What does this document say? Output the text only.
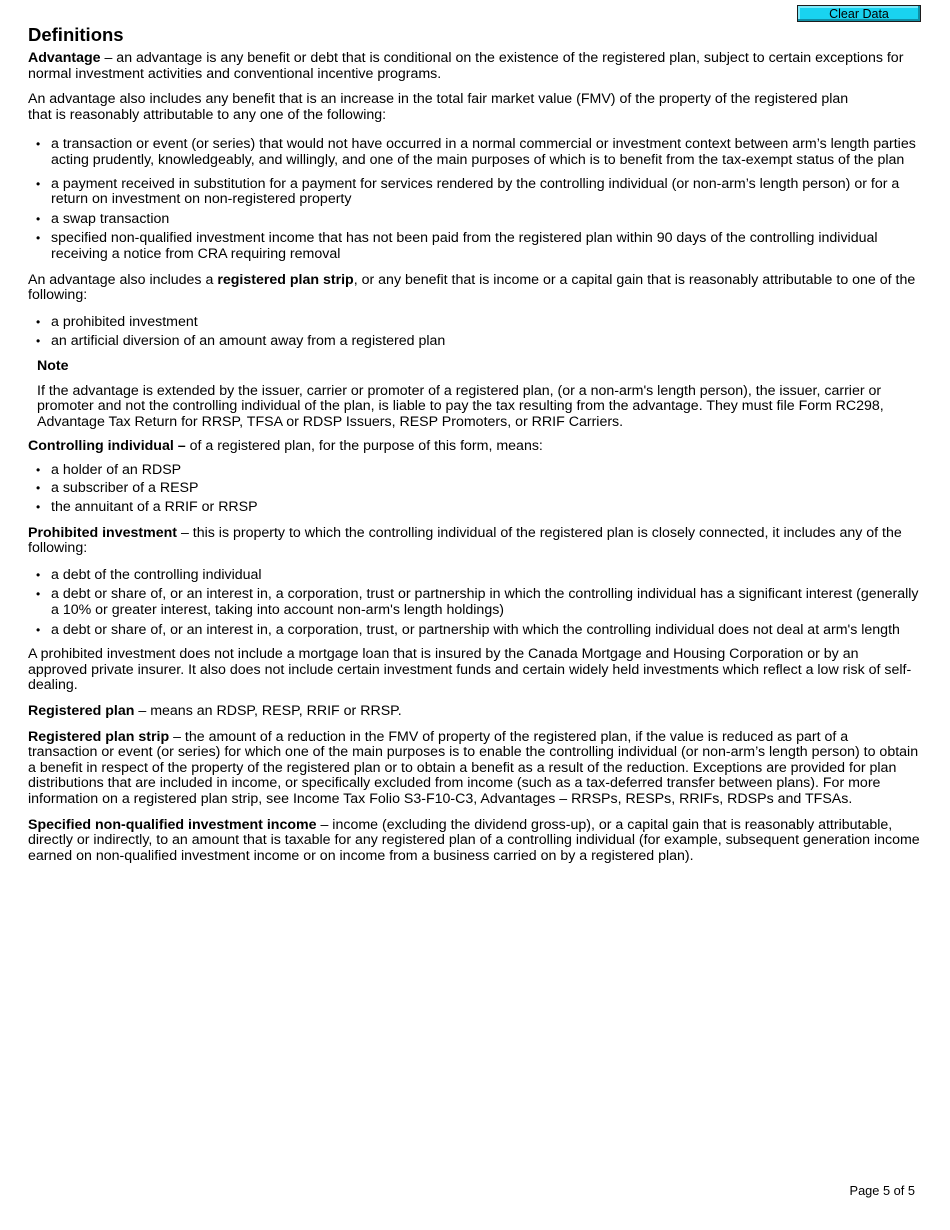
Definitions
Clear Data

Advantage – an advantage is any benefit or debt that is conditional on the existence of the registered plan, subject to certain exceptions for normal investment activities and conventional incentive programs.

An advantage also includes any benefit that is an increase in the total fair market value (FMV) of the property of the registered plan that is reasonably attributable to any one of the following:

• a transaction or event (or series) that would not have occurred in a normal commercial or investment context between arm’s length parties acting prudently, knowledgeably, and willingly, and one of the main purposes of which is to benefit from the tax-exempt status of the plan
• a payment received in substitution for a payment for services rendered by the controlling individual (or non-arm’s length person) or for a return on investment on non-registered property
• a swap transaction
• specified non-qualified investment income that has not been paid from the registered plan within 90 days of the controlling individual receiving a notice from CRA requiring removal

An advantage also includes a registered plan strip, or any benefit that is income or a capital gain that is reasonably attributable to one of the following:

• a prohibited investment
• an artificial diversion of an amount away from a registered plan

Note

If the advantage is extended by the issuer, carrier or promoter of a registered plan, (or a non-arm's length person), the issuer, carrier or promoter and not the controlling individual of the plan, is liable to pay the tax resulting from the advantage. They must file Form RC298, Advantage Tax Return for RRSP, TFSA or RDSP Issuers, RESP Promoters, or RRIF Carriers.

Controlling individual – of a registered plan, for the purpose of this form, means:

• a holder of an RDSP
• a subscriber of a RESP
• the annuitant of a RRIF or RRSP

Prohibited investment – this is property to which the controlling individual of the registered plan is closely connected, it includes any of the following:

• a debt of the controlling individual
• a debt or share of, or an interest in, a corporation, trust or partnership in which the controlling individual has a significant interest (generally a 10% or greater interest, taking into account non-arm's length holdings)
• a debt or share of, or an interest in, a corporation, trust, or partnership with which the controlling individual does not deal at arm's length

A prohibited investment does not include a mortgage loan that is insured by the Canada Mortgage and Housing Corporation or by an approved private insurer. It also does not include certain investment funds and certain widely held investments which reflect a low risk of self-dealing.

Registered plan – means an RDSP, RESP, RRIF or RRSP.

Registered plan strip – the amount of a reduction in the FMV of property of the registered plan, if the value is reduced as part of a transaction or event (or series) for which one of the main purposes is to enable the controlling individual (or non-arm’s length person) to obtain a benefit in respect of the property of the registered plan or to obtain a benefit as a result of the reduction. Exceptions are provided for plan distributions that are included in income, or specifically excluded from income (such as a tax-deferred transfer between plans). For more information on a registered plan strip, see Income Tax Folio S3-F10-C3, Advantages – RRSPs, RESPs, RRIFs, RDSPs and TFSAs.

Specified non-qualified investment income – income (excluding the dividend gross-up), or a capital gain that is reasonably attributable, directly or indirectly, to an amount that is taxable for any registered plan of a controlling individual (for example, subsequent generation income earned on non-qualified investment income or on income from a business carried on by a registered plan).

Page 5 of 5
